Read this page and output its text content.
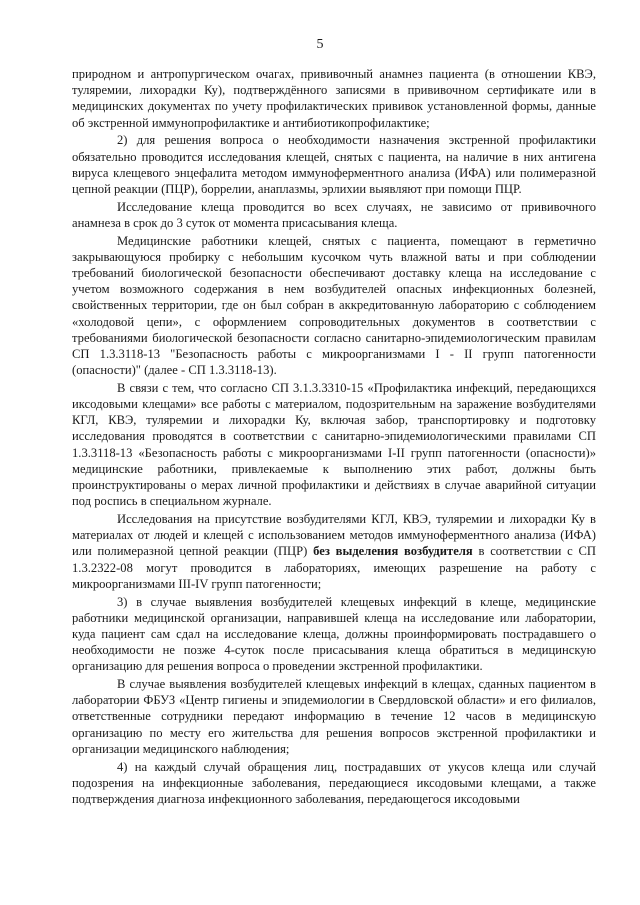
5

природном и антропургическом очагах, прививочный анамнез пациента (в отношении КВЭ, туляремии, лихорадки Ку), подтверждённого записями в прививочном сертификате или в медицинских документах по учету профилактических прививок установленной формы, данные об экстренной иммунопрофилактике и антибиотикопрофилактике;

2) для решения вопроса о необходимости назначения экстренной профилактики обязательно проводится исследования клещей, снятых с пациента, на наличие в них антигена вируса клещевого энцефалита методом иммуноферментного анализа (ИФА) или полимеразной цепной реакции (ПЦР), боррелии, анаплазмы, эрлихии выявляют при помощи ПЦР.

Исследование клеща проводится во всех случаях, не зависимо от прививочного анамнеза в срок до 3 суток от момента присасывания клеща.

Медицинские работники клещей, снятых с пациента, помещают в герметично закрывающуюся пробирку с небольшим кусочком чуть влажной ваты и при соблюдении требований биологической безопасности обеспечивают доставку клеща на исследование с учетом возможного содержания в нем возбудителей опасных инфекционных болезней, свойственных территории, где он был собран в аккредитованную лабораторию с соблюдением «холодовой цепи», с оформлением сопроводительных документов в соответствии с требованиями биологической безопасности согласно санитарно-эпидемиологическим правилам СП 1.3.3118-13 "Безопасность работы с микроорганизмами I - II групп патогенности (опасности)" (далее - СП 1.3.3118-13).

В связи с тем, что согласно СП 3.1.3.3310-15 «Профилактика инфекций, передающихся иксодовыми клещами» все работы с материалом, подозрительным на заражение возбудителями КГЛ, КВЭ, туляремии и лихорадки Ку, включая забор, транспортировку и подготовку исследования проводятся в соответствии с санитарно-эпидемиологическими правилами СП 1.3.3118-13 «Безопасность работы с микроорганизмами I-II групп патогенности (опасности)» медицинские работники, привлекаемые к выполнению этих работ, должны быть проинструктированы о мерах личной профилактики и действиях в случае аварийной ситуации под роспись в специальном журнале.

Исследования на присутствие возбудителями КГЛ, КВЭ, туляремии и лихорадки Ку в материалах от людей и клещей с использованием методов иммуноферментного анализа (ИФА) или полимеразной цепной реакции (ПЦР) без выделения возбудителя в соответствии с СП 1.3.2322-08 могут проводится в лабораториях, имеющих разрешение на работу с микроорганизмами III-IV групп патогенности;

3) в случае выявления возбудителей клещевых инфекций в клеще, медицинские работники медицинской организации, направившей клеща на исследование или лаборатории, куда пациент сам сдал на исследование клеща, должны проинформировать пострадавшего о необходимости не позже 4-суток после присасывания клеща обратиться в медицинскую организацию для решения вопроса о проведении экстренной профилактики.

В случае выявления возбудителей клещевых инфекций в клещах, сданных пациентом в лаборатории ФБУЗ «Центр гигиены и эпидемиологии в Свердловской области» и его филиалов, ответственные сотрудники передают информацию в течение 12 часов в медицинскую организацию по месту его жительства для решения вопросов экстренной профилактики и организации медицинского наблюдения;

4) на каждый случай обращения лиц, пострадавших от укусов клеща или случай подозрения на инфекционные заболевания, передающиеся иксодовыми клещами, а также подтверждения диагноза инфекционного заболевания, передающегося иксодовыми
